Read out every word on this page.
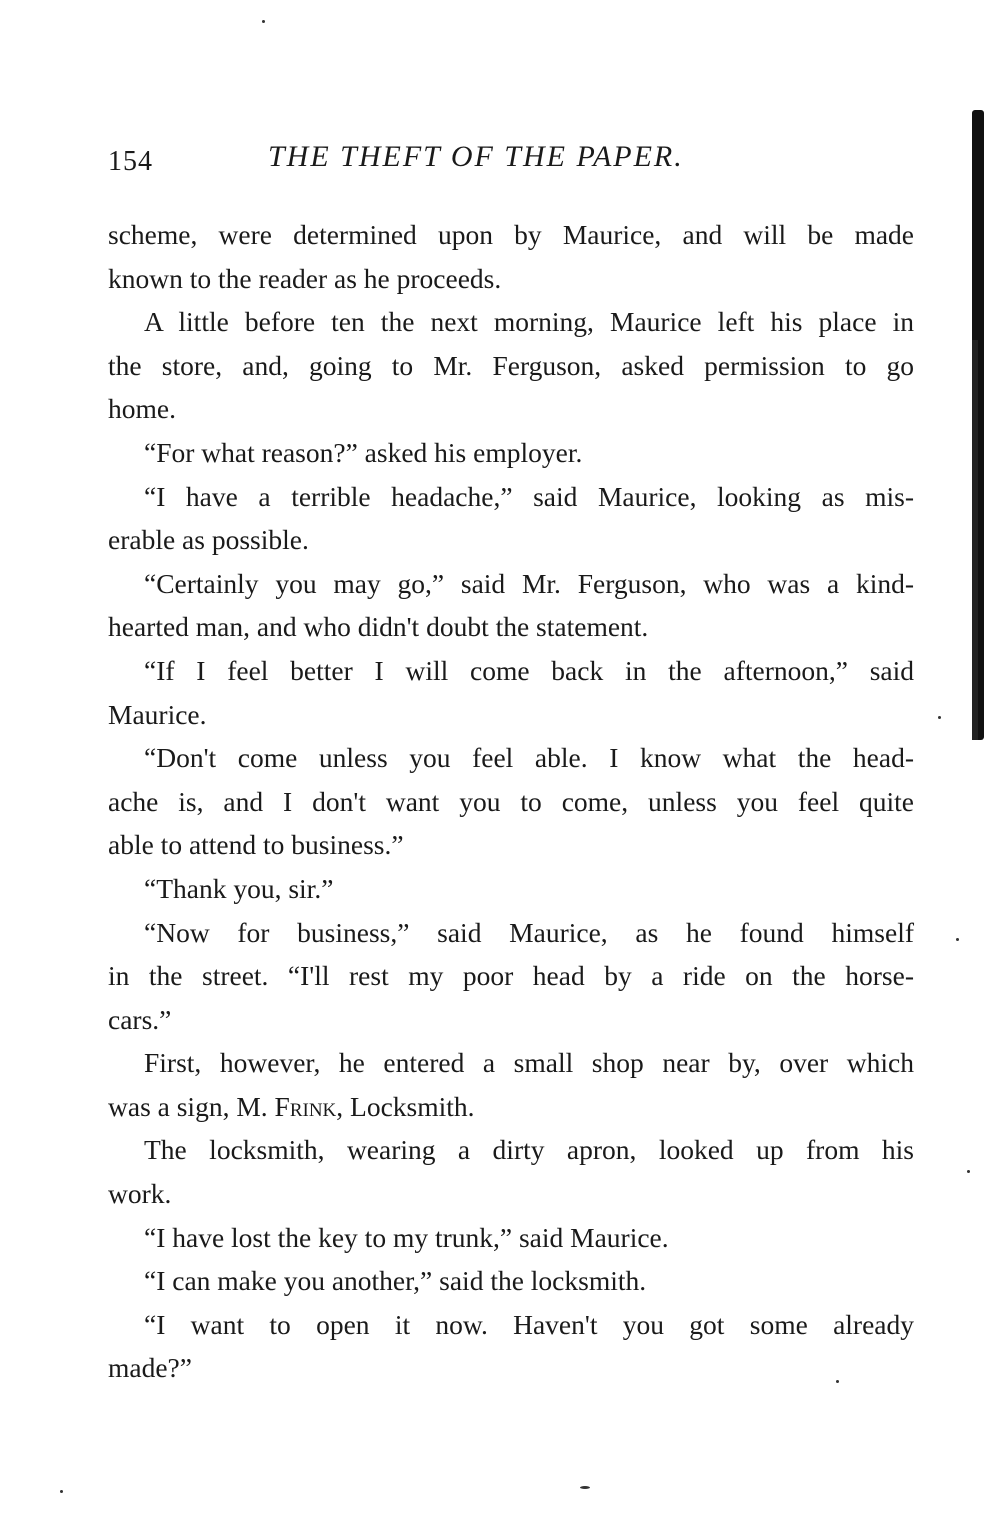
154	THE THEFT OF THE PAPER.
scheme, were determined upon by Maurice, and will be made
known to the reader as he proceeds.
A little before ten the next morning, Maurice left his place in
the store, and, going to Mr. Ferguson, asked permission to go
home.
“For what reason?” asked his employer.
“I have a terrible headache,” said Maurice, looking as mis-
erable as possible.
“Certainly you may go,” said Mr. Ferguson, who was a kind-
hearted man, and who didn't doubt the statement.
“If I feel better I will come back in the afternoon,” said
Maurice.
“Don't come unless you feel able. I know what the head-
ache is, and I don't want you to come, unless you feel quite
able to attend to business.”
“Thank you, sir.”
“Now for business,” said Maurice, as he found himself
in the street. “I'll rest my poor head by a ride on the horse-
cars.”
First, however, he entered a small shop near by, over which
was a sign, M. Frink, Locksmith.
The locksmith, wearing a dirty apron, looked up from his
work.
“I have lost the key to my trunk,” said Maurice.
“I can make you another,” said the locksmith.
“I want to open it now. Haven't you got some already
made?”
